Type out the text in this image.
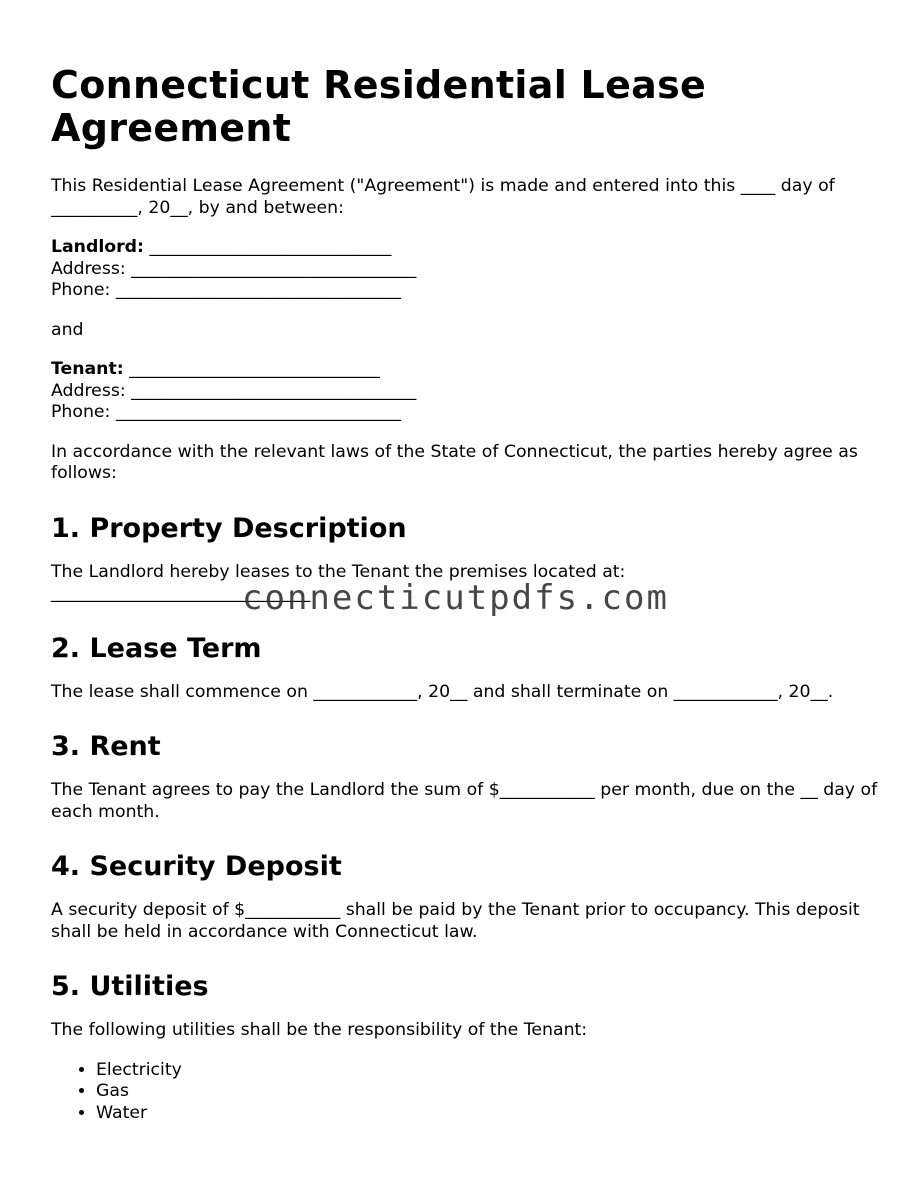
Connecticut Residential Lease Agreement

This Residential Lease Agreement ("Agreement") is made and entered into this ____ day of __________, 20__, by and between:

Landlord: ____________________________
Address: _________________________________
Phone: _________________________________

and

Tenant: _____________________________
Address: _________________________________
Phone: _________________________________

In accordance with the relevant laws of the State of Connecticut, the parties hereby agree as follows:

1. Property Description

The Landlord hereby leases to the Tenant the premises located at:
______________________________

2. Lease Term

The lease shall commence on ____________, 20__ and shall terminate on ____________, 20__.

3. Rent

The Tenant agrees to pay the Landlord the sum of $___________ per month, due on the __ day of each month.

4. Security Deposit

A security deposit of $___________ shall be paid by the Tenant prior to occupancy. This deposit shall be held in accordance with Connecticut law.

5. Utilities

The following utilities shall be the responsibility of the Tenant:

• Electricity
• Gas
• Water
connecticutpdfs.com
